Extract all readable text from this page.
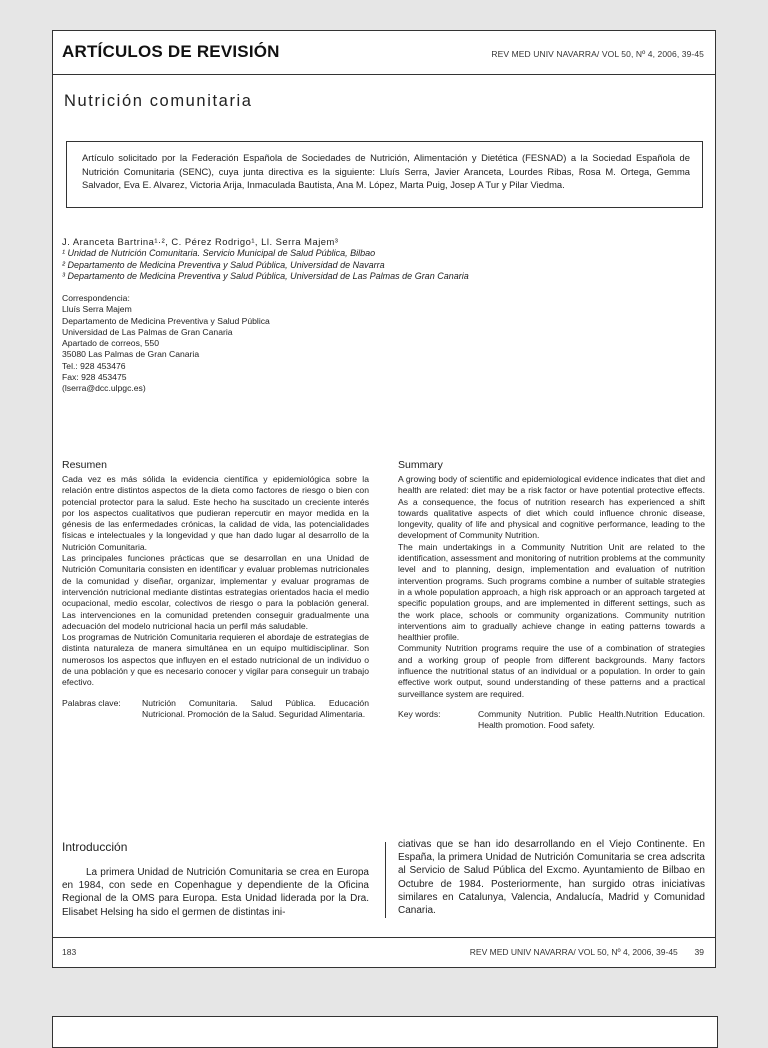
ARTÍCULOS DE REVISIÓN	REV MED UNIV NAVARRA/ VOL 50, Nº 4, 2006, 39-45
Nutrición comunitaria
Artículo solicitado por la Federación Española de Sociedades de Nutrición, Alimentación y Dietética (FESNAD) a la Sociedad Española de Nutrición Comunitaria (SENC), cuya junta directiva es la siguiente: Lluís Serra, Javier Aranceta, Lourdes Ribas, Rosa M. Ortega, Gemma Salvador, Eva E. Alvarez, Victoria Arija, Inmaculada Bautista, Ana M. López, Marta Puig, Josep A Tur y Pilar Viedma.
J. Aranceta Bartrina¹·², C. Pérez Rodrigo¹, Ll. Serra Majem³
¹ Unidad de Nutrición Comunitaria. Servicio Municipal de Salud Pública, Bilbao
² Departamento de Medicina Preventiva y Salud Pública, Universidad de Navarra
³ Departamento de Medicina Preventiva y Salud Pública, Universidad de Las Palmas de Gran Canaria
Correspondencia:
Lluís Serra Majem
Departamento de Medicina Preventiva y Salud Pública
Universidad de Las Palmas de Gran Canaria
Apartado de correos, 550
35080 Las Palmas de Gran Canaria
Tel.: 928 453476
Fax: 928 453475
(lserra@dcc.ulpgc.es)
Resumen
Cada vez es más sólida la evidencia científica y epidemiológica sobre la relación entre distintos aspectos de la dieta como factores de riesgo o bien con potencial protector para la salud. Este hecho ha suscitado un creciente interés por los aspectos cualitativos que pudieran repercutir en mayor medida en la génesis de las enfermedades crónicas, la calidad de vida, las potencialidades físicas e intelectuales y la longevidad y que han dado lugar al desarrollo de la Nutrición Comunitaria.
Las principales funciones prácticas que se desarrollan en una Unidad de Nutrición Comunitaria consisten en identificar y evaluar problemas nutricionales de la comunidad y diseñar, organizar, implementar y evaluar programas de intervención nutricional mediante distintas estrategias orientados hacia el medio ocupacional, medio escolar, colectivos de riesgo o para la población general. Las intervenciones en la comunidad pretenden conseguir gradualmente una adecuación del modelo nutricional hacia un perfil más saludable.
Los programas de Nutrición Comunitaria requieren el abordaje de estrategias de distinta naturaleza de manera simultánea en un equipo multidisciplinar. Son numerosos los aspectos que influyen en el estado nutricional de un individuo o de una población y que es necesario conocer y vigilar para conseguir un trabajo efectivo.
Palabras clave:	Nutrición Comunitaria. Salud Pública. Educación Nutricional. Promoción de la Salud. Seguridad Alimentaria.
Summary
A growing body of scientific and epidemiological evidence indicates that diet and health are related: diet may be a risk factor or have potential protective effects. As a consequence, the focus of nutrition research has experienced a shift towards qualitative aspects of diet which could influence chronic disease, longevity, quality of life and physical and cognitive performance, leading to the development of Community Nutrition.
The main undertakings in a Community Nutrition Unit are related to the identification, assessment and monitoring of nutrition problems at the community level and to planning, design, implementation and evaluation of nutrition intervention programs. Such programs combine a number of suitable strategies in a whole population approach, a high risk approach or an approach targeted at specific population groups, and are implemented in different settings, such as the work place, schools or community organizations. Community nutrition interventions aim to gradually achieve change in eating patterns towards a healthier profile.
Community Nutrition programs require the use of a combination of strategies and a working group of people from different backgrounds. Many factors influence the nutritional status of an individual or a population. In order to gain effective work output, sound understanding of these patterns and a practical surveillance system are required.
Key words:	Community Nutrition. Public Health.Nutrition Education. Health promotion. Food safety.
Introducción
La primera Unidad de Nutrición Comunitaria se crea en Europa en 1984, con sede en Copenhague y dependiente de la Oficina Regional de la OMS para Europa. Esta Unidad liderada por la Dra. Elisabet Helsing ha sido el germen de distintas ini-
ciativas que se han ido desarrollando en el Viejo Continente. En España, la primera Unidad de Nutrición Comunitaria se crea adscrita al Servicio de Salud Pública del Excmo. Ayuntamiento de Bilbao en Octubre de 1984. Posteriormente, han surgido otras iniciativas similares en Catalunya, Valencia, Andalucía, Madrid y Comunidad Canaria.
183	REV MED UNIV NAVARRA/ VOL 50, Nº 4, 2006, 39-45 39
